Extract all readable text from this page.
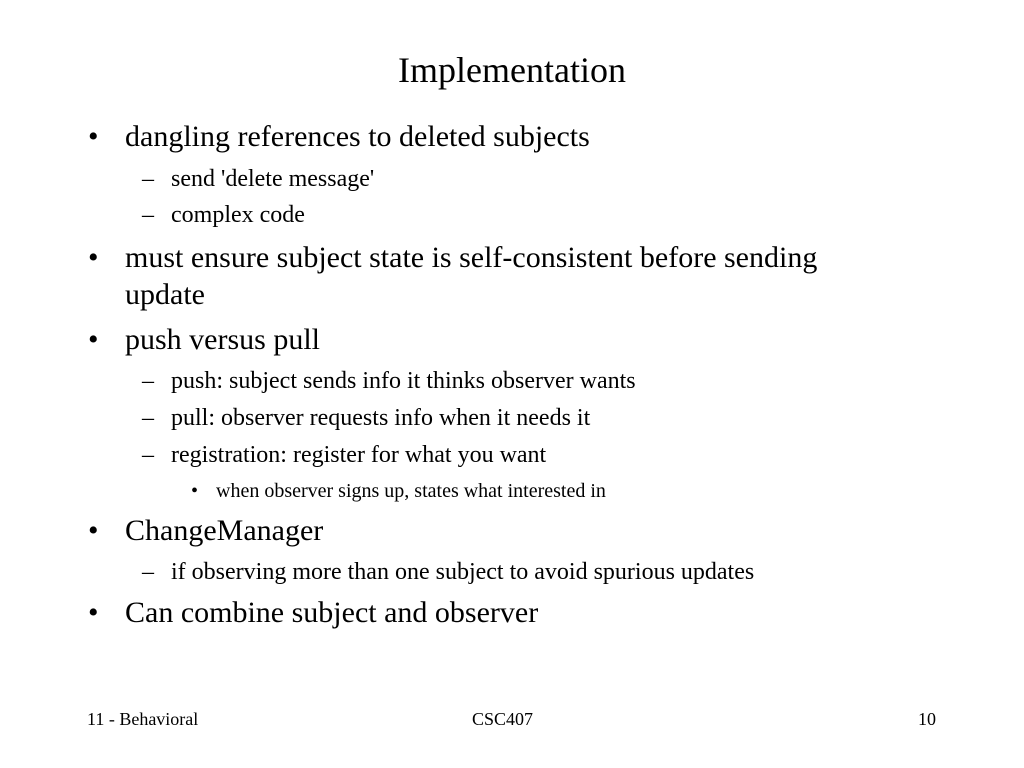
Implementation
• dangling references to deleted subjects
– send 'delete message'
– complex code
• must ensure subject state is self-consistent before sending
update
• push versus pull
– push: subject sends info it thinks observer wants
– pull: observer requests info when it needs it
– registration: register for what you want
• when observer signs up, states what interested in
• ChangeManager
– if observing more than one subject to avoid spurious updates
• Can combine subject and observer
11 - Behavioral	CSC407	10
